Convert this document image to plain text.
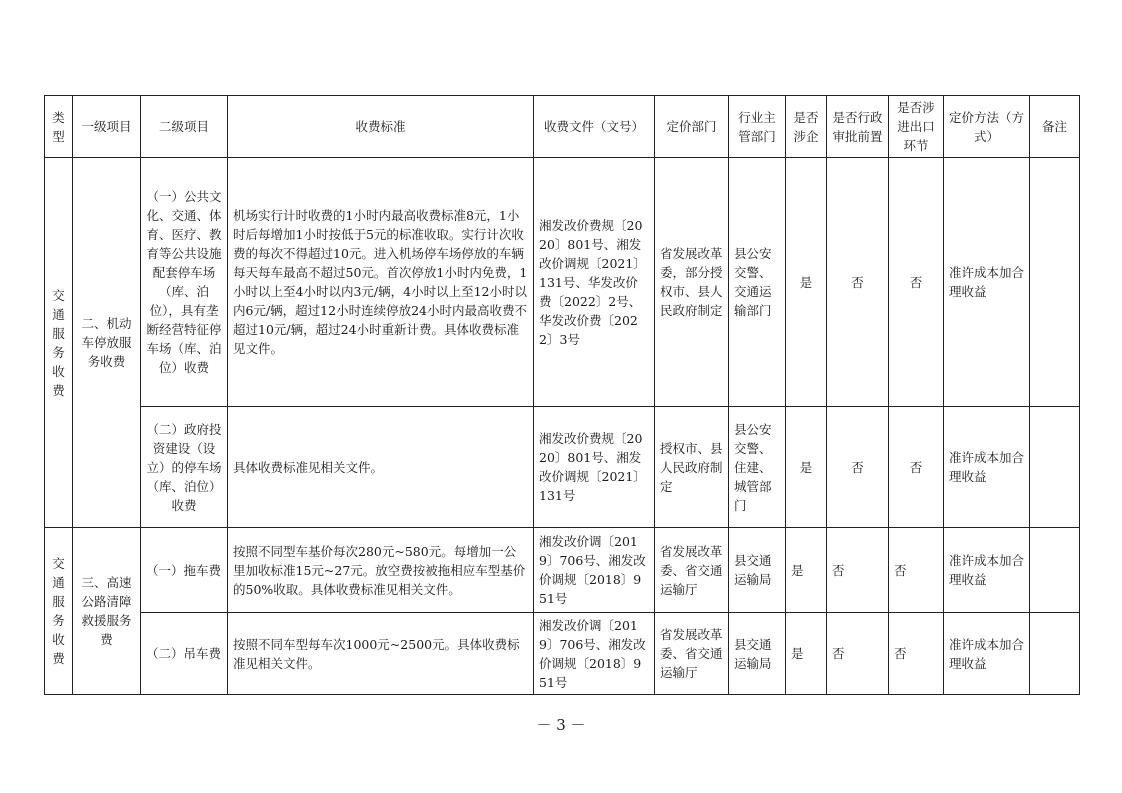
类型	一级项目	二级项目	收费标准	收费文件（文号）	定价部门	行业主管部门	是否涉企	是否行政审批前置	是否涉进出口环节	定价方法（方式）	备注
交通服务收费	二、机动车停放服务收费	（一）公共文化、交通、体育、医疗、教育等公共设施配套停车场（库、泊位），具有垄断经营特征停车场（库、泊位）收费	机场实行计时收费的1小时内最高收费标准8元，1小时后每增加1小时按低于5元的标准收取。实行计次收费的每次不得超过10元。进入机场停车场停放的车辆每天每车最高不超过50元。首次停放1小时内免费，1小时以上至4小时以内3元/辆，4小时以上至12小时以内6元/辆，超过12小时连续停放24小时内最高收费不超过10元/辆，超过24小时重新计费。具体收费标准见文件。	湘发改价费规〔2020〕801号、湘发改价调规〔2021〕131号、华发改价费〔2022〕2号、华发改价费〔2022〕3号	省发展改革委，部分授权市、县人民政府制定	县公安交警、交通运输部门	是	否	否	准许成本加合理收益	
		（二）政府投资建设（设立）的停车场（库、泊位）收费	具体收费标准见相关文件。	湘发改价费规〔2020〕801号、湘发改价调规〔2021〕131号	授权市、县人民政府制定	县公安交警、住建、城管部门	是	否	否	准许成本加合理收益	
交通服务收费	三、高速公路清障救援服务费	（一）拖车费	按照不同型车基价每次280元~580元。每增加一公里加收标准15元~27元。放空费按被拖相应车型基价的50%收取。具体收费标准见相关文件。	湘发改价调〔2019〕706号、湘发改价调规〔2018〕951号	省发展改革委、省交通运输厅	县交通运输局	是	否	否	准许成本加合理收益	
		（二）吊车费	按照不同车型每车次1000元~2500元。具体收费标准见相关文件。	湘发改价调〔2019〕706号、湘发改价调规〔2018〕951号	省发展改革委、省交通运输厅	县交通运输局	是	否	否	准许成本加合理收益	
－ 3 －
